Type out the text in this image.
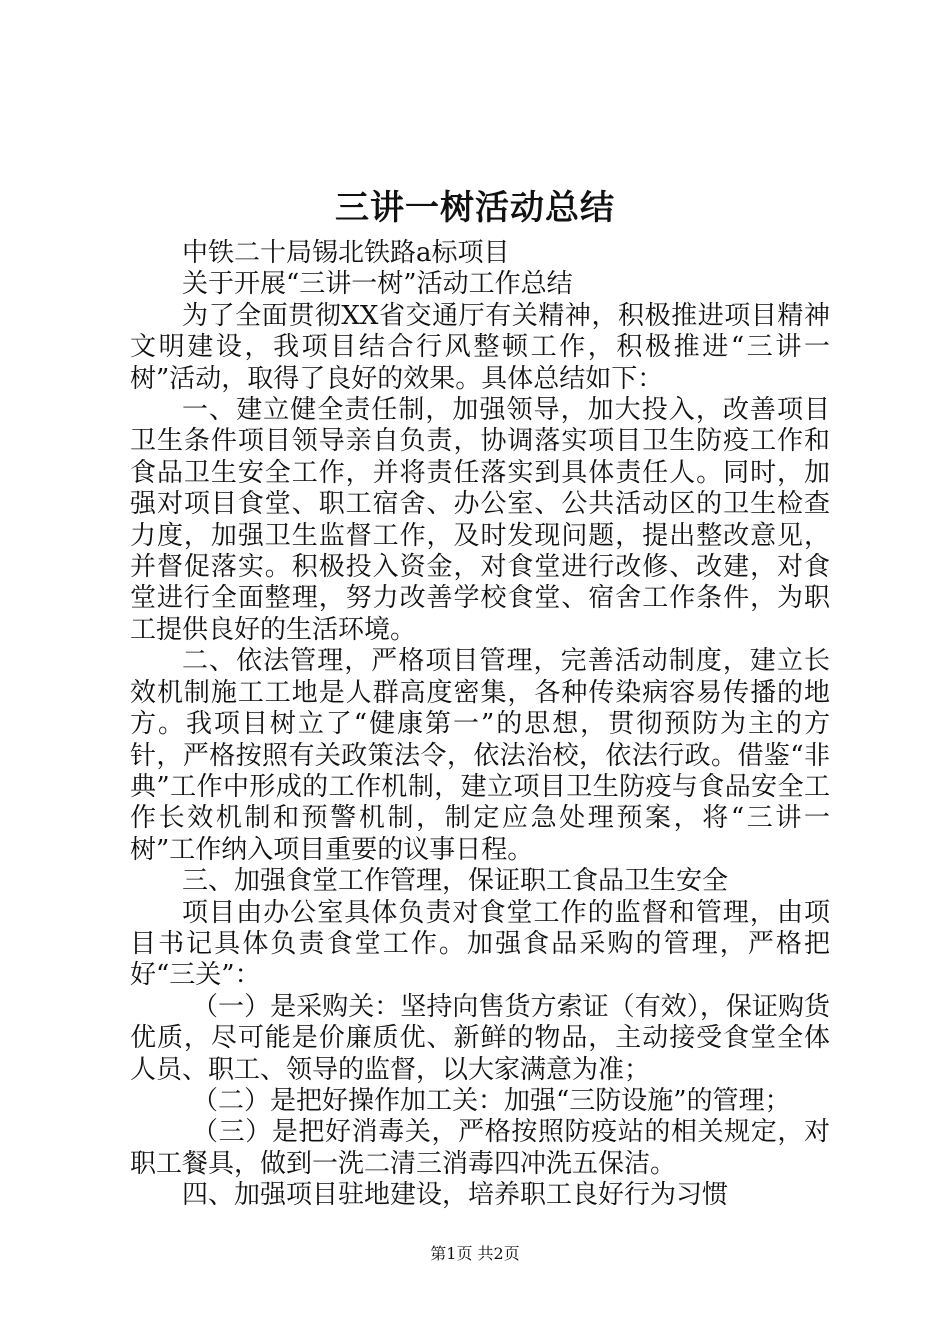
三讲一树活动总结

中铁二十局锡北铁路a标项目

关于开展“三讲一树”活动工作总结

为了全面贯彻XX省交通厅有关精神，积极推进项目精神文明建设，我项目结合行风整顿工作，积极推进“三讲一树”活动，取得了良好的效果。具体总结如下：

一、建立健全责任制，加强领导，加大投入，改善项目卫生条件项目领导亲自负责，协调落实项目卫生防疫工作和食品卫生安全工作，并将责任落实到具体责任人。同时，加强对项目食堂、职工宿舍、办公室、公共活动区的卫生检查力度，加强卫生监督工作，及时发现问题，提出整改意见，并督促落实。积极投入资金，对食堂进行改修、改建，对食堂进行全面整理，努力改善学校食堂、宿舍工作条件，为职工提供良好的生活环境。

二、依法管理，严格项目管理，完善活动制度，建立长效机制施工工地是人群高度密集，各种传染病容易传播的地方。我项目树立了“健康第一”的思想，贯彻预防为主的方针，严格按照有关政策法令，依法治校，依法行政。借鉴“非典”工作中形成的工作机制，建立项目卫生防疫与食品安全工作长效机制和预警机制，制定应急处理预案，将“三讲一树”工作纳入项目重要的议事日程。

三、加强食堂工作管理，保证职工食品卫生安全

项目由办公室具体负责对食堂工作的监督和管理，由项目书记具体负责食堂工作。加强食品采购的管理，严格把好“三关”：

（一）是采购关：坚持向售货方索证（有效），保证购货优质，尽可能是价廉质优、新鲜的物品，主动接受食堂全体人员、职工、领导的监督，以大家满意为准；

（二）是把好操作加工关：加强“三防设施”的管理；

（三）是把好消毒关，严格按照防疫站的相关规定，对职工餐具，做到一洗二清三消毒四冲洗五保洁。

四、加强项目驻地建设，培养职工良好行为习惯

第1页 共2页
